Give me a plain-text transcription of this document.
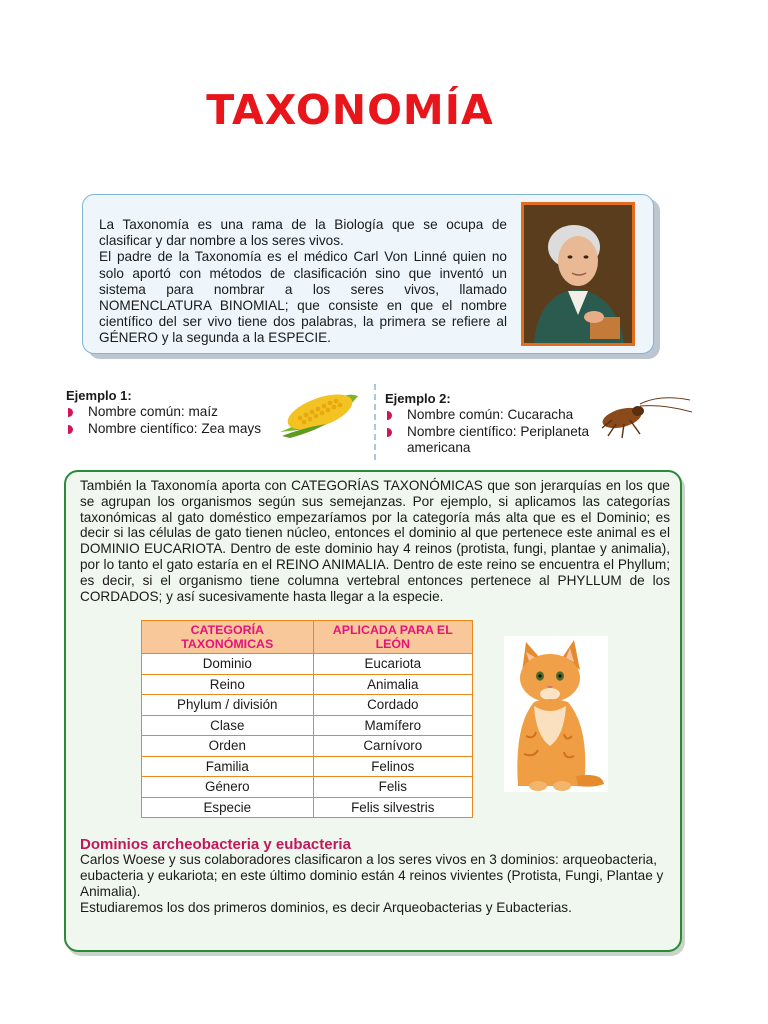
TAXONOMÍA

La Taxonomía es una rama de la Biología que se ocupa de clasificar y dar nombre a los seres vivos.

El padre de la Taxonomía es el médico Carl Von Linné quien no solo aportó con métodos de clasificación sino que inventó un sistema para nombrar a los seres vivos, llamado NOMENCLATURA BINOMIAL; que consiste en que el nombre científico del ser vivo tiene dos palabras, la primera se refiere al GÉNERO y la segunda a la ESPECIE.

Ejemplo 1:
Nombre común: maíz
Nombre científico: Zea mays
Ejemplo 2:
Nombre común: Cucaracha
Nombre científico: Periplaneta americana
También la Taxonomía aporta con CATEGORÍAS TAXONÓMICAS que son jerarquías en los que se agrupan los organismos según sus semejanzas. Por ejemplo, si aplicamos las categorías taxonómicas al gato doméstico empezaríamos por la categoría más alta que es el Dominio; es decir si las células de gato tienen núcleo, entonces el dominio al que pertenece este animal es el DOMINIO EUCARIOTA. Dentro de este dominio hay 4 reinos (protista, fungi, plantae y animalia), por lo tanto el gato estaría en el REINO ANIMALIA. Dentro de este reino se encuentra el Phyllum; es decir, si el organismo tiene columna vertebral entonces pertenece al PHYLLUM de los CORDADOS; y así sucesivamente hasta llegar a la especie.
CATEGORÍA TAXONÓMICAS	APLICADA PARA EL LEÓN
Dominio	Eucariota
Reino	Animalia
Phylum / división	Cordado
Clase	Mamífero
Orden	Carnívoro
Familia	Felinos
Género	Felis
Especie	Felis silvestris
Dominios archeobacteria y eubacteria

Carlos Woese y sus colaboradores clasificaron a los seres vivos en 3 dominios: arqueobacteria, eubacteria y eukariota; en este último dominio están 4 reinos vivientes (Protista, Fungi, Plantae y Animalia).

Estudiaremos los dos primeros dominios, es decir Arqueobacterias y Eubacterias.
